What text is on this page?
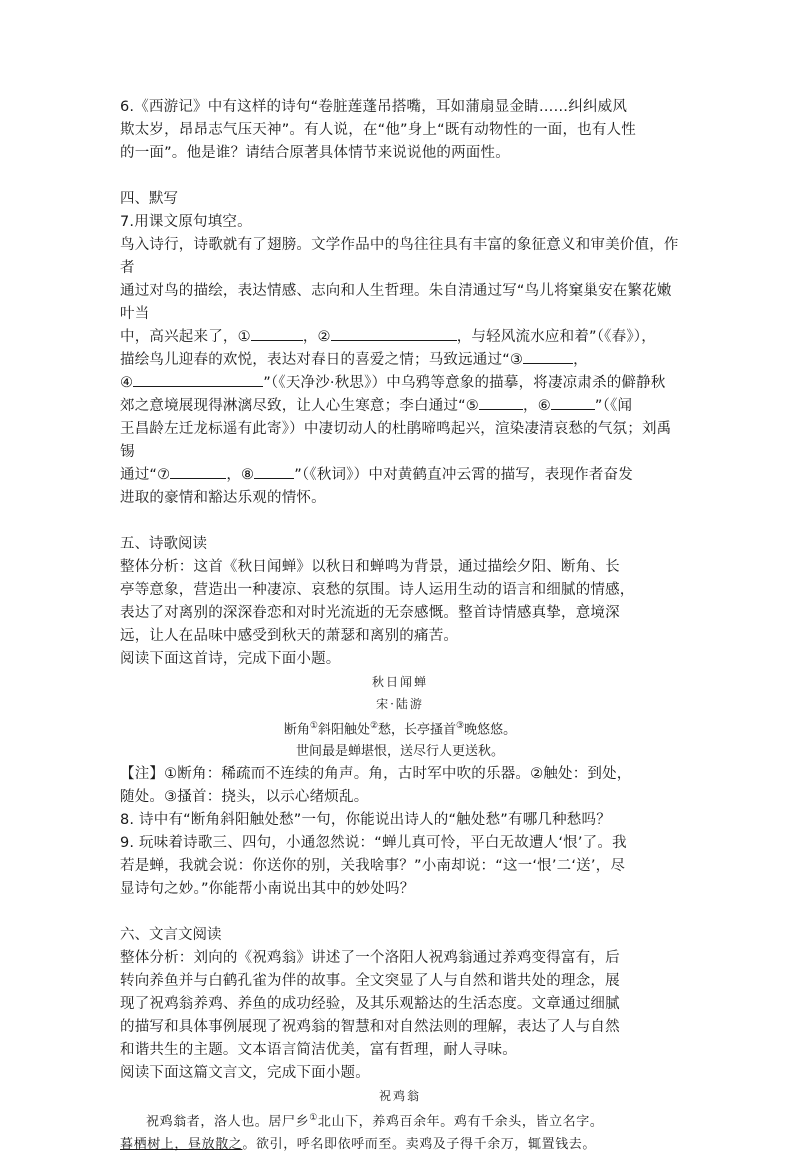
6.《西游记》中有这样的诗句“卷脏莲蓬吊搭嘴，耳如蒲扇显金睛……纠纠威风

欺太岁，昂昂志气压天神”。有人说，在“他”身上“既有动物性的一面，也有人性

的一面”。他是谁？请结合原著具体情节来说说他的两面性。

四、默写

7.用课文原句填空。

鸟入诗行，诗歌就有了翅膀。文学作品中的鸟往往具有丰富的象征意义和审美价值，作者

通过对鸟的描绘，表达情感、志向和人生哲理。朱自清通过写“鸟儿将窠巢安在繁花嫩叶当

中，高兴起来了，①	，②	，与轻风流水应和着”（《春》），

描绘鸟儿迎春的欢悦，表达对春日的喜爱之情；马致远通过“③	，

④	”（《天净沙·秋思》）中乌鸦等意象的描摹，将凄凉肃杀的僻静秋

郊之意境展现得淋漓尽致，让人心生寒意；李白通过“⑤	，⑥	”（《闻

王昌龄左迁龙标遥有此寄》）中凄切动人的杜鹃啼鸣起兴，渲染凄清哀愁的气氛；刘禹锡

通过“⑦	，⑧	”（《秋词》）中对黄鹤直冲云霄的描写，表现作者奋发

进取的豪情和豁达乐观的情怀。

五、诗歌阅读

整体分析：这首《秋日闻蝉》以秋日和蝉鸣为背景，通过描绘夕阳、断角、长

亭等意象，营造出一种凄凉、哀愁的氛围。诗人运用生动的语言和细腻的情感，

表达了对离别的深深眷恋和对时光流逝的无奈感慨。整首诗情感真挚，意境深

远，让人在品味中感受到秋天的萧瑟和离别的痛苦。

阅读下面这首诗，完成下面小题。

秋日闻蝉

宋·陆游

断角①斜阳触处②愁，长亭搔首③晚悠悠。

世间最是蝉堪恨，送尽行人更送秋。

【注】①断角：稀疏而不连续的角声。角，古时军中吹的乐器。②触处：到处，

随处。③搔首：挠头，以示心绪烦乱。

8. 诗中有“断角斜阳触处愁”一句，你能说出诗人的“触处愁”有哪几种愁吗？

9. 玩味着诗歌三、四句，小通忽然说：“蝉儿真可怜，平白无故遭人‘恨’了。我

若是蝉，我就会说：你送你的别，关我啥事？”小南却说：“这一‘恨’二‘送’，尽

显诗句之妙。”你能帮小南说出其中的妙处吗？

六、文言文阅读

整体分析：刘向的《祝鸡翁》讲述了一个洛阳人祝鸡翁通过养鸡变得富有，后

转向养鱼并与白鹤孔雀为伴的故事。全文突显了人与自然和谐共处的理念，展

现了祝鸡翁养鸡、养鱼的成功经验，及其乐观豁达的生活态度。文章通过细腻

的描写和具体事例展现了祝鸡翁的智慧和对自然法则的理解，表达了人与自然

和谐共生的主题。文本语言简洁优美，富有哲理，耐人寻味。

阅读下面这篇文言文，完成下面小题。

祝鸡翁

祝鸡翁者，洛人也。居尸乡①北山下，养鸡百余年。鸡有千余头，皆立名字。

暮栖树上，昼放散之。欲引，呼名即依呼而至。卖鸡及子得千余万，辄置钱去。
